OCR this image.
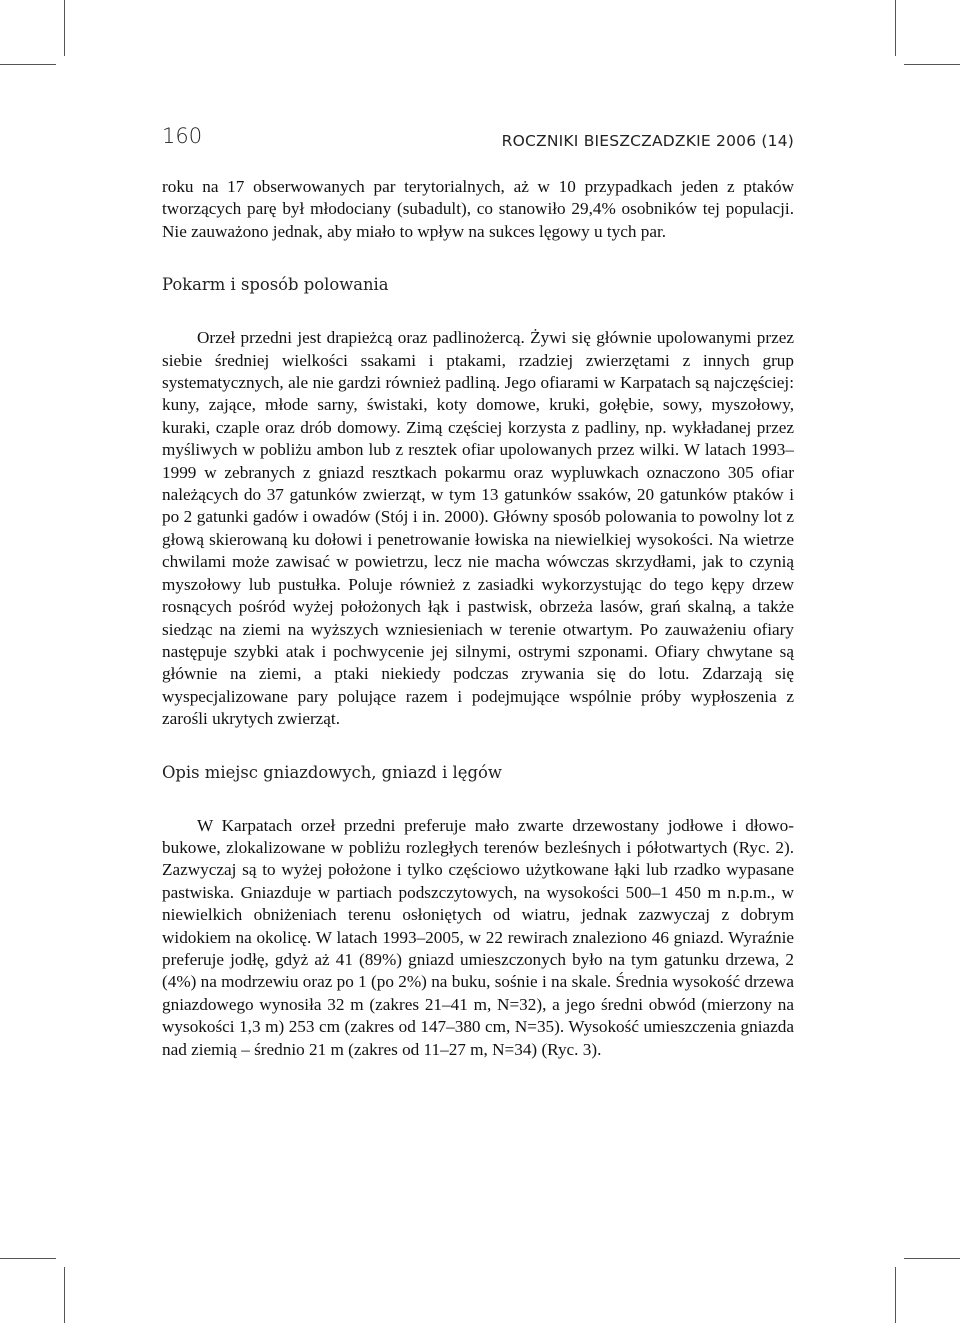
160	ROCZNIKI BIESZCZADZKIE 2006 (14)

roku na 17 obserwowanych par terytorialnych, aż w 10 przypadkach jeden z ptaków tworzących parę był młodociany (subadult), co stanowiło 29,4% osobników tej populacji. Nie zauważono jednak, aby miało to wpływ na sukces lęgowy u tych par.

Pokarm i sposób polowania

Orzeł przedni jest drapieżcą oraz padlinożercą. Żywi się głównie upolowanymi przez siebie średniej wielkości ssakami i ptakami, rzadziej zwierzętami z innych grup systematycznych, ale nie gardzi również padliną. Jego ofiarami w Karpatach są najczęściej: kuny, zające, młode sarny, świstaki, koty domowe, kruki, gołębie, sowy, myszołowy, kuraki, czaple oraz drób domowy. Zimą częściej korzysta z padliny, np. wykładanej przez myśliwych w pobliżu ambon lub z resztek ofiar upolowanych przez wilki. W latach 1993–1999 w zebranych z gniazd resztkach pokarmu oraz wypluwkach oznaczono 305 ofiar należących do 37 gatunków zwierząt, w tym 13 gatunków ssaków, 20 gatunków ptaków i po 2 gatunki gadów i owadów (Stój i in. 2000). Główny sposób polowania to powolny lot z głową skierowaną ku dołowi i penetrowanie łowiska na niewielkiej wysokości. Na wietrze chwilami może zawisać w powietrzu, lecz nie macha wówczas skrzydłami, jak to czynią myszołowy lub pustułka. Poluje również z zasiadki wykorzystując do tego kępy drzew rosnących pośród wyżej położonych łąk i pastwisk, obrzeża lasów, grań skalną, a także siedząc na ziemi na wyższych wzniesieniach w terenie otwartym. Po zauważeniu ofiary następuje szybki atak i pochwycenie jej silnymi, ostrymi szponami. Ofiary chwytane są głównie na ziemi, a ptaki niekiedy podczas zrywania się do lotu. Zdarzają się wyspecjalizowane pary polujące razem i podejmujące wspólnie próby wypłoszenia z zarośli ukrytych zwierząt.

Opis miejsc gniazdowych, gniazd i lęgów

W Karpatach orzeł przedni preferuje mało zwarte drzewostany jodłowe i dłowo-bukowe, zlokalizowane w pobliżu rozległych terenów bezleśnych i półotwartych (Ryc. 2). Zazwyczaj są to wyżej położone i tylko częściowo użytkowane łąki lub rzadko wypasane pastwiska. Gniazduje w partiach podszczytowych, na wysokości 500–1 450 m n.p.m., w niewielkich obniżeniach terenu osłoniętych od wiatru, jednak zazwyczaj z dobrym widokiem na okolicę. W latach 1993–2005, w 22 rewirach znaleziono 46 gniazd. Wyraźnie preferuje jodłę, gdyż aż 41 (89%) gniazd umieszczonych było na tym gatunku drzewa, 2 (4%) na modrzewiu oraz po 1 (po 2%) na buku, sośnie i na skale. Średnia wysokość drzewa gniazdowego wynosiła 32 m (zakres 21–41 m, N=32), a jego średni obwód (mierzony na wysokości 1,3 m) 253 cm (zakres od 147–380 cm, N=35). Wysokość umieszczenia gniazda nad ziemią – średnio 21 m (zakres od 11–27 m, N=34) (Ryc. 3).
